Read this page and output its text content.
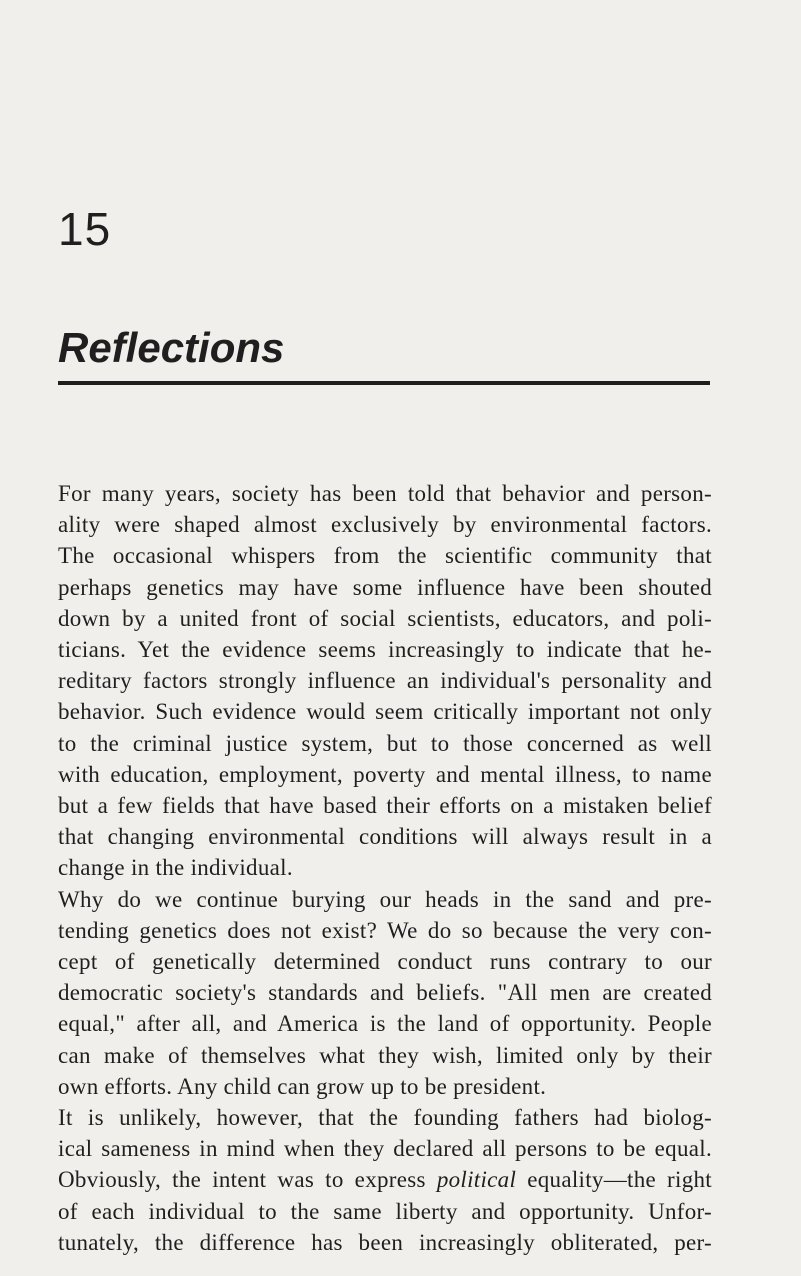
15
Reflections
For many years, society has been told that behavior and person-
ality were shaped almost exclusively by environmental factors.
The occasional whispers from the scientific community that
perhaps genetics may have some influence have been shouted
down by a united front of social scientists, educators, and poli-
ticians. Yet the evidence seems increasingly to indicate that he-
reditary factors strongly influence an individual's personality and
behavior. Such evidence would seem critically important not only
to the criminal justice system, but to those concerned as well
with education, employment, poverty and mental illness, to name
but a few fields that have based their efforts on a mistaken belief
that changing environmental conditions will always result in a
change in the individual.
Why do we continue burying our heads in the sand and pre-
tending genetics does not exist? We do so because the very con-
cept of genetically determined conduct runs contrary to our
democratic society's standards and beliefs. "All men are created
equal," after all, and America is the land of opportunity. People
can make of themselves what they wish, limited only by their
own efforts. Any child can grow up to be president.
It is unlikely, however, that the founding fathers had biolog-
ical sameness in mind when they declared all persons to be equal.
Obviously, the intent was to express political equality—the right
of each individual to the same liberty and opportunity. Unfor-
tunately, the difference has been increasingly obliterated, per-
